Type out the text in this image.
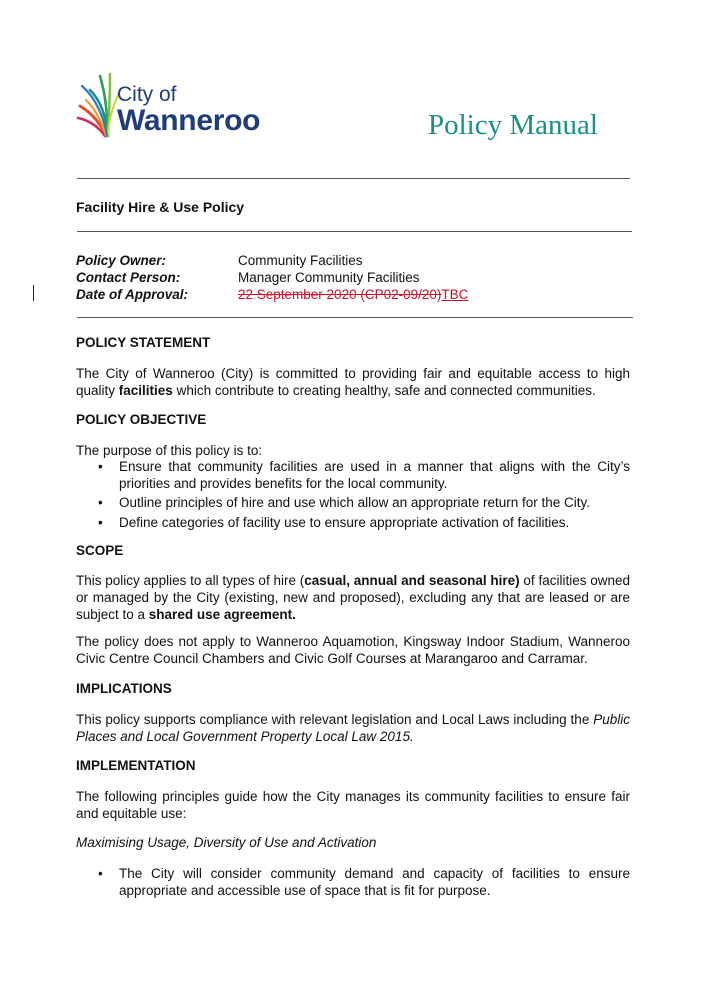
City of
Wanneroo	Policy Manual
Facility Hire & Use Policy
Policy Owner:	Community Facilities
Contact Person:	Manager Community Facilities
Date of Approval:	22 September 2020 (CP02-09/20)TBC
POLICY STATEMENT
The City of Wanneroo (City) is committed to providing fair and equitable access to high quality facilities which contribute to creating healthy, safe and connected communities.
POLICY OBJECTIVE
The purpose of this policy is to:
• Ensure that community facilities are used in a manner that aligns with the City’s priorities and provides benefits for the local community.
• Outline principles of hire and use which allow an appropriate return for the City.
• Define categories of facility use to ensure appropriate activation of facilities.
SCOPE
This policy applies to all types of hire (casual, annual and seasonal hire) of facilities owned or managed by the City (existing, new and proposed), excluding any that are leased or are subject to a shared use agreement.
The policy does not apply to Wanneroo Aquamotion, Kingsway Indoor Stadium, Wanneroo Civic Centre Council Chambers and Civic Golf Courses at Marangaroo and Carramar.
IMPLICATIONS
This policy supports compliance with relevant legislation and Local Laws including the Public Places and Local Government Property Local Law 2015.
IMPLEMENTATION
The following principles guide how the City manages its community facilities to ensure fair and equitable use:
Maximising Usage, Diversity of Use and Activation
• The City will consider community demand and capacity of facilities to ensure appropriate and accessible use of space that is fit for purpose.
